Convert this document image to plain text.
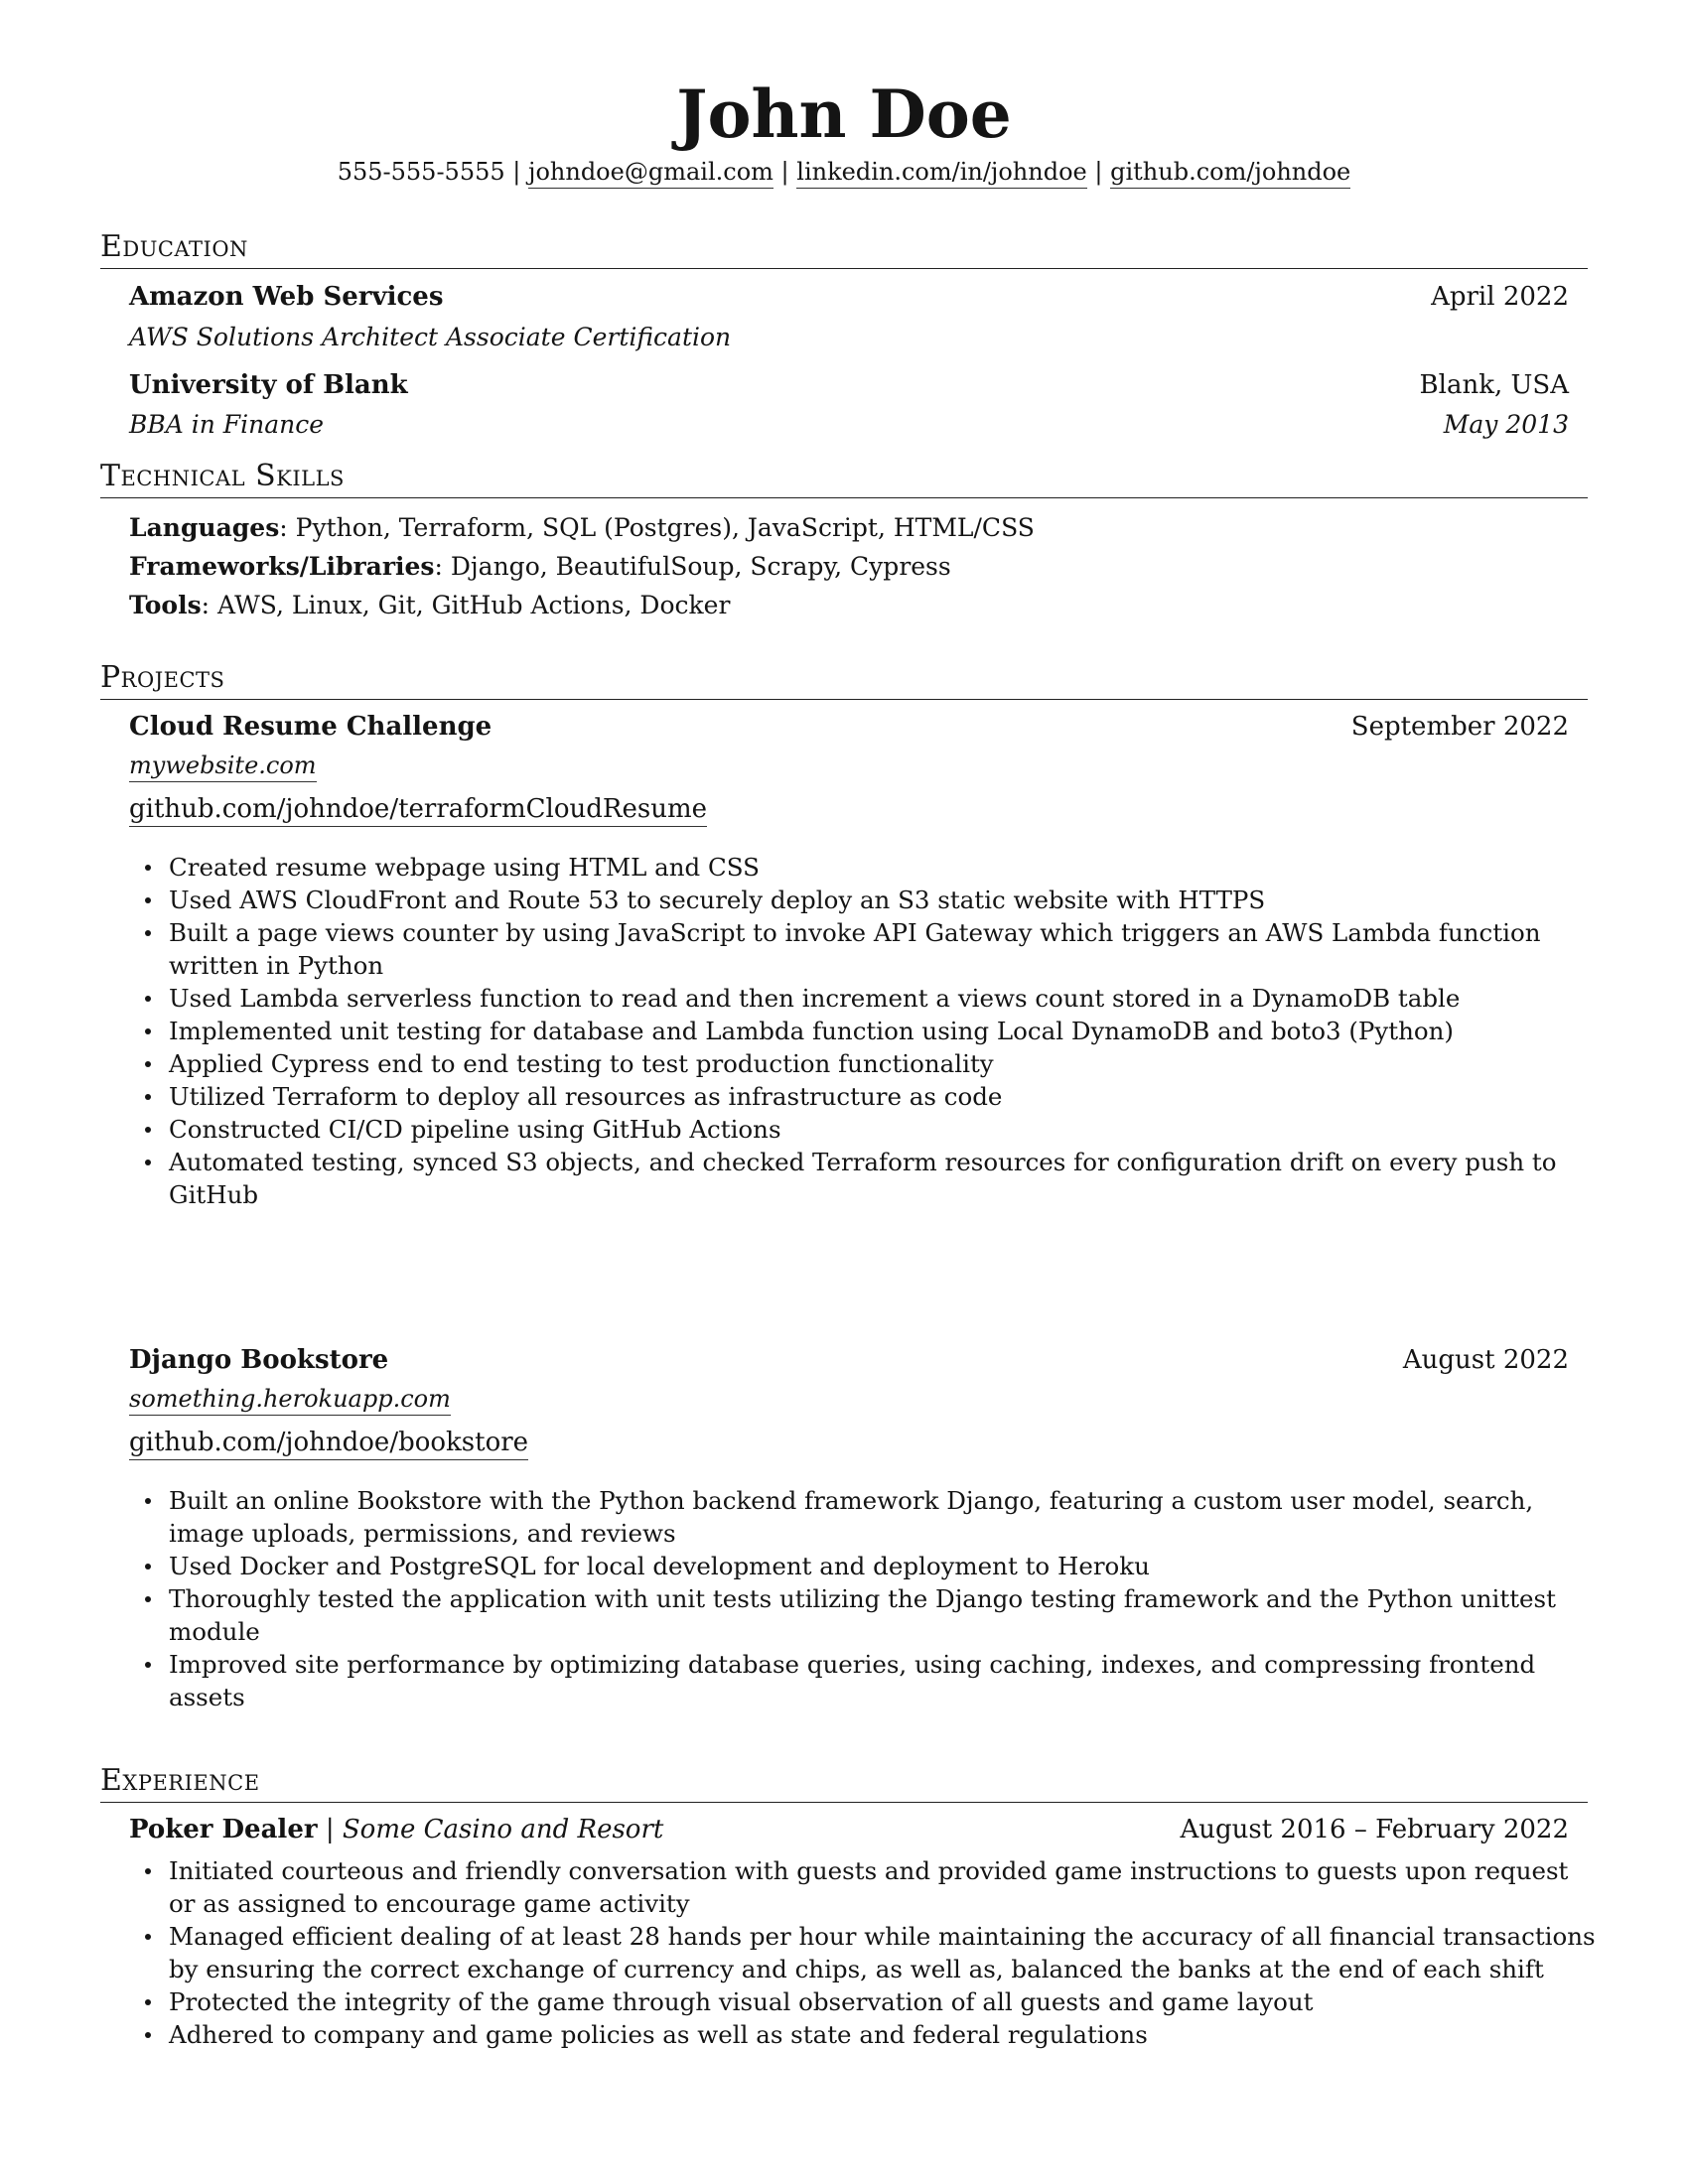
John Doe
555-555-5555 | johndoe@gmail.com | linkedin.com/in/johndoe | github.com/johndoe
Education
Amazon Web Services	April 2022
AWS Solutions Architect Associate Certification
University of Blank	Blank, USA
BBA in Finance	May 2013
Technical Skills
Languages: Python, Terraform, SQL (Postgres), JavaScript, HTML/CSS
Frameworks/Libraries: Django, BeautifulSoup, Scrapy, Cypress
Tools: AWS, Linux, Git, GitHub Actions, Docker
Projects
Cloud Resume Challenge	September 2022
mywebsite.com
github.com/johndoe/terraformCloudResume
Created resume webpage using HTML and CSS
Used AWS CloudFront and Route 53 to securely deploy an S3 static website with HTTPS
Built a page views counter by using JavaScript to invoke API Gateway which triggers an AWS Lambda function written in Python
Used Lambda serverless function to read and then increment a views count stored in a DynamoDB table
Implemented unit testing for database and Lambda function using Local DynamoDB and boto3 (Python)
Applied Cypress end to end testing to test production functionality
Utilized Terraform to deploy all resources as infrastructure as code
Constructed CI/CD pipeline using GitHub Actions
Automated testing, synced S3 objects, and checked Terraform resources for configuration drift on every push to GitHub
Django Bookstore	August 2022
something.herokuapp.com
github.com/johndoe/bookstore
Built an online Bookstore with the Python backend framework Django, featuring a custom user model, search, image uploads, permissions, and reviews
Used Docker and PostgreSQL for local development and deployment to Heroku
Thoroughly tested the application with unit tests utilizing the Django testing framework and the Python unittest module
Improved site performance by optimizing database queries, using caching, indexes, and compressing frontend assets
Experience
Poker Dealer | Some Casino and Resort	August 2016 – February 2022
Initiated courteous and friendly conversation with guests and provided game instructions to guests upon request or as assigned to encourage game activity
Managed efficient dealing of at least 28 hands per hour while maintaining the accuracy of all financial transactions by ensuring the correct exchange of currency and chips, as well as, balanced the banks at the end of each shift
Protected the integrity of the game through visual observation of all guests and game layout
Adhered to company and game policies as well as state and federal regulations
